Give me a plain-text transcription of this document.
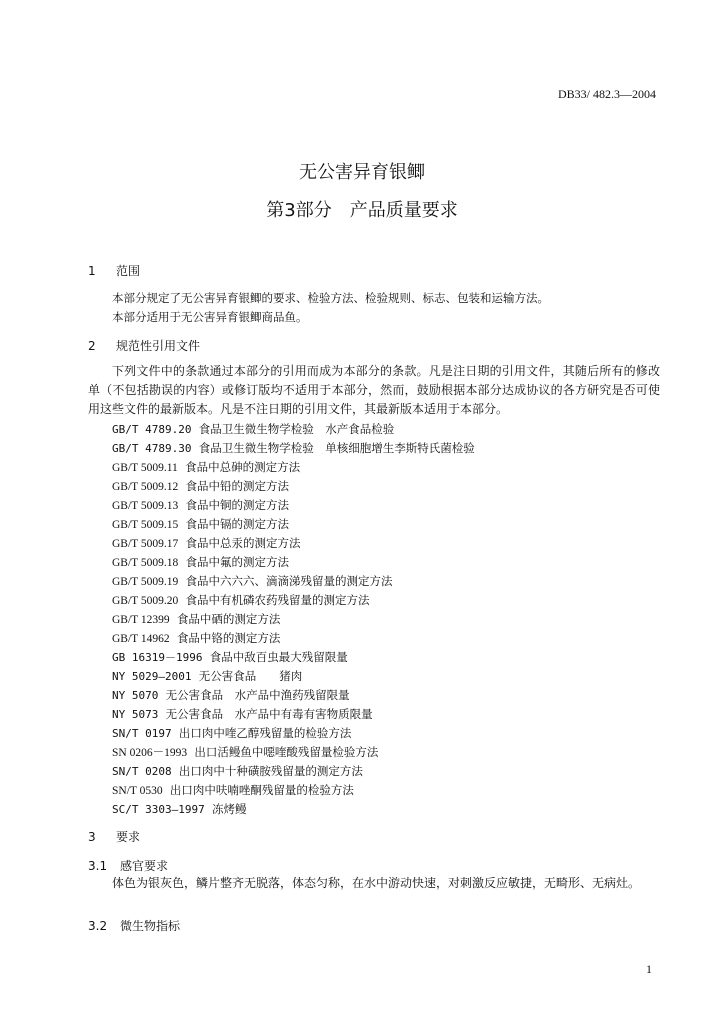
DB33/ 482.3—2004
无公害异育银鲫
第3部分　产品质量要求
1 范围
本部分规定了无公害异育银鲫的要求、检验方法、检验规则、标志、包装和运输方法。
本部分适用于无公害异育银鲫商品鱼。
2 规范性引用文件
下列文件中的条款通过本部分的引用而成为本部分的条款。凡是注日期的引用文件，其随后所有的修改单（不包括勘误的内容）或修订版均不适用于本部分，然而，鼓励根据本部分达成协议的各方研究是否可使用这些文件的最新版本。凡是不注日期的引用文件，其最新版本适用于本部分。
GB/T 4789.20 食品卫生微生物学检验　水产食品检验
GB/T 4789.30 食品卫生微生物学检验　单核细胞增生李斯特氏菌检验
GB/T 5009.11 食品中总砷的测定方法
GB/T 5009.12 食品中铅的测定方法
GB/T 5009.13 食品中铜的测定方法
GB/T 5009.15 食品中镉的测定方法
GB/T 5009.17 食品中总汞的测定方法
GB/T 5009.18 食品中氟的测定方法
GB/T 5009.19 食品中六六六、滴滴涕残留量的测定方法
GB/T 5009.20 食品中有机磷农药残留量的测定方法
GB/T 12399 食品中硒的测定方法
GB/T 14962 食品中铬的测定方法
GB 16319－1996 食品中敌百虫最大残留限量
NY 5029—2001 无公害食品　　猪肉
NY 5070 无公害食品　水产品中渔药残留限量
NY 5073 无公害食品　水产品中有毒有害物质限量
SN/T 0197 出口肉中喹乙醇残留量的检验方法
SN 0206－1993 出口活鳗鱼中噁喹酸残留量检验方法
SN/T 0208 出口肉中十种磺胺残留量的测定方法
SN/T 0530 出口肉中呋喃唑酮残留量的检验方法
SC/T 3303—1997 冻烤鳗
3 要求
3.1 感官要求
体色为银灰色，鳞片整齐无脱落，体态匀称，在水中游动快速，对刺激反应敏捷，无畸形、无病灶。
3.2 微生物指标
1
